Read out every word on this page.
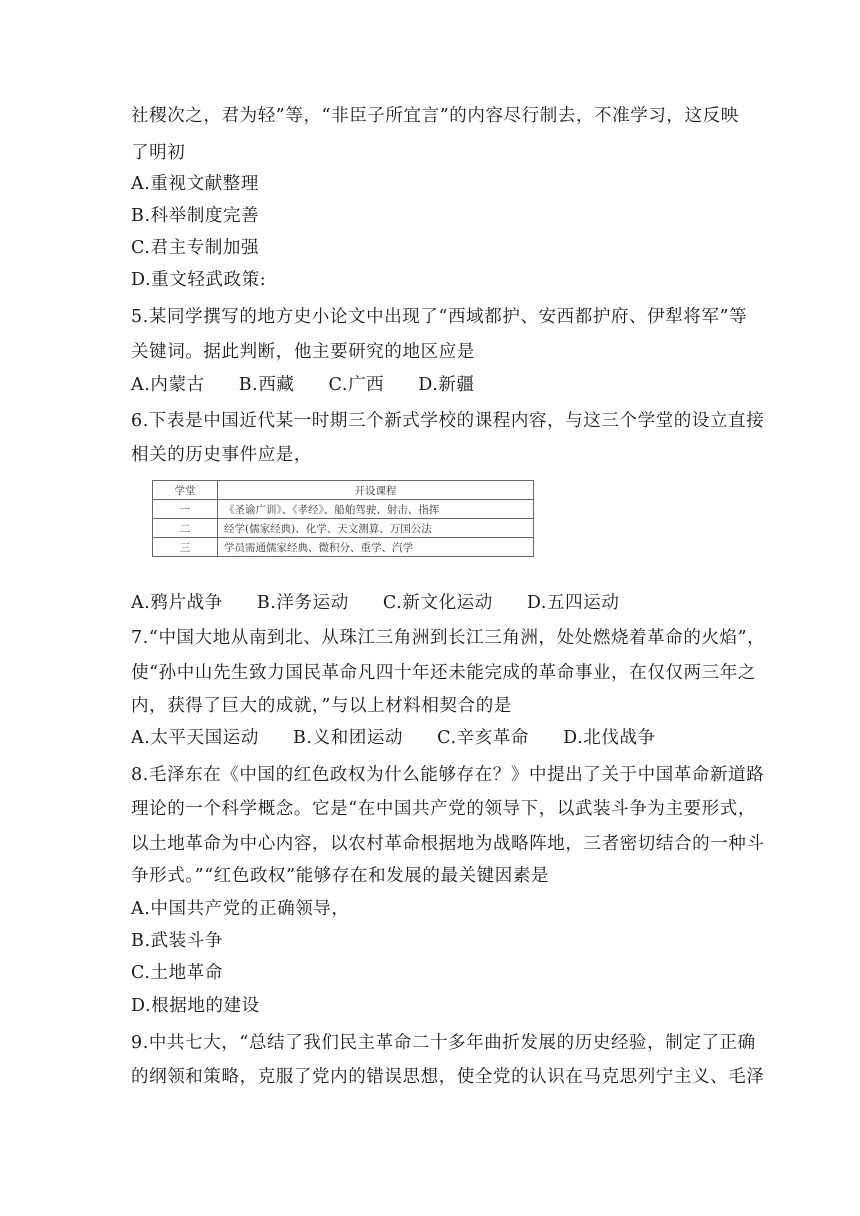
社稷次之，君为轻”等，“非臣子所宜言”的内容尽行制去，不准学习，这反映
了明初
A.重视文献整理
B.科举制度完善
C.君主专制加强
D.重文轻武政策:
5.某同学撰写的地方史小论文中出现了“西域都护、安西都护府、伊犁将军”等
关键词。据此判断，他主要研究的地区应是
A.内蒙古 B.西藏 C.广西 D.新疆
6.下表是中国近代某一时期三个新式学校的课程内容，与这三个学堂的设立直接
相关的历史事件应是，
学堂	开设课程
一	《圣谕广训》、《孝经》、船舶驾驶、射击、指挥
二	经学(儒家经典)、化学、天文测算、万国公法
三	学员需通儒家经典、微积分、重学、汽学
A.鸦片战争 B.洋务运动 C.新文化运动 D.五四运动
7.“中国大地从南到北、从珠江三角洲到长江三角洲，处处燃烧着革命的火焰”，
使“孙中山先生致力国民革命凡四十年还未能完成的革命事业，在仅仅两三年之
内，获得了巨大的成就，”与以上材料相契合的是
A.太平天国运动 B.义和团运动 C.辛亥革命 D.北伐战争
8.毛泽东在《中国的红色政权为什么能够存在？》中提出了关于中国革命新道路
理论的一个科学概念。它是“在中国共产党的领导下，以武装斗争为主要形式，
以土地革命为中心内容，以农村革命根据地为战略阵地，三者密切结合的一种斗
争形式。”“红色政权”能够存在和发展的最关键因素是
A.中国共产党的正确领导，
B.武装斗争
C.土地革命
D.根据地的建设
9.中共七大，“总结了我们民主革命二十多年曲折发展的历史经验，制定了正确
的纲领和策略，克服了党内的错误思想，使全党的认识在马克思列宁主义、毛泽
